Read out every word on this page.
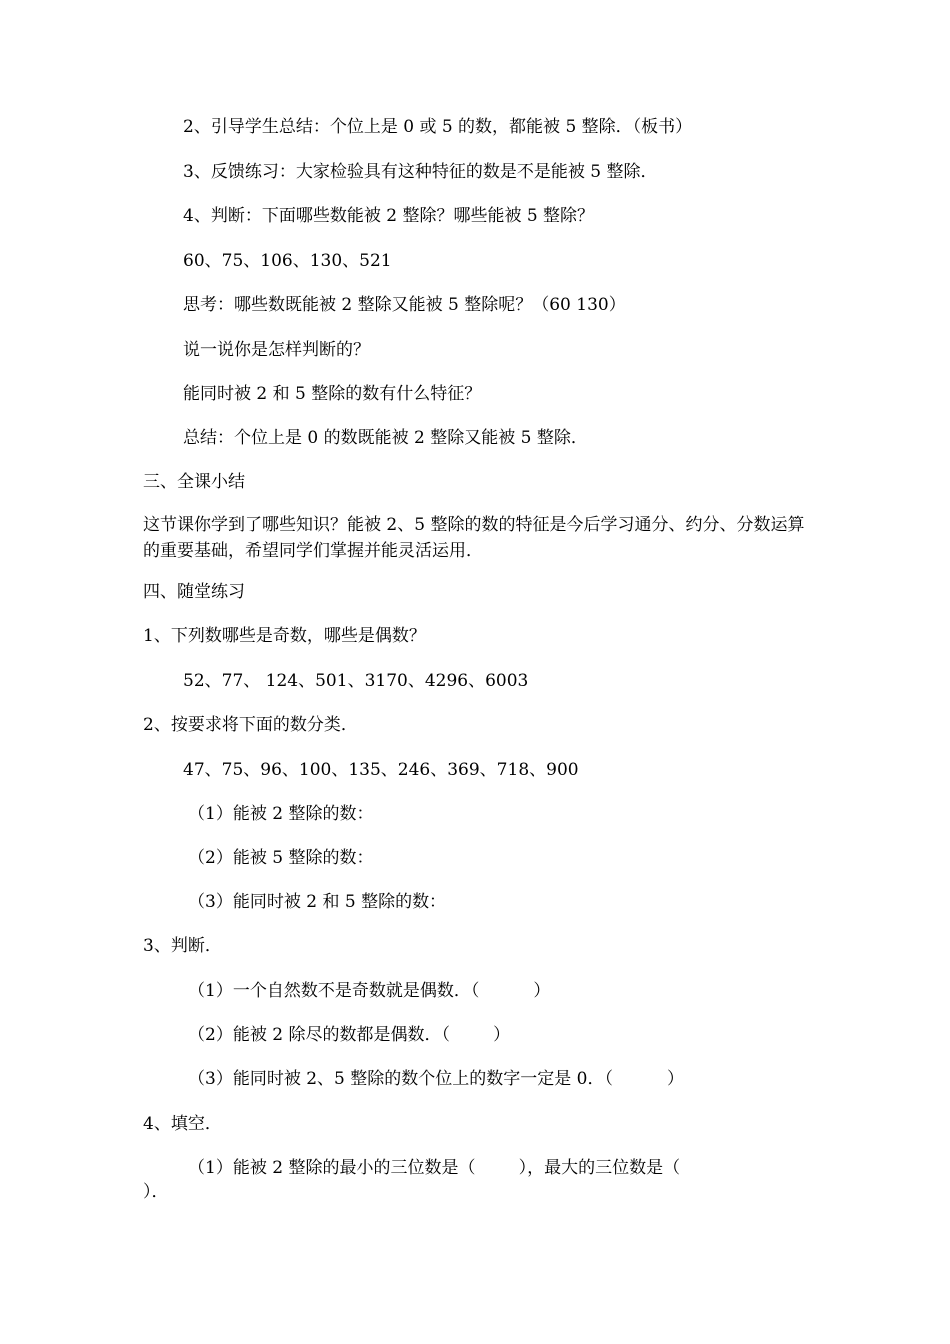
2、引导学生总结：个位上是 0 或 5 的数，都能被 5 整除．（板书）

3、反馈练习：大家检验具有这种特征的数是不是能被 5 整除．

4、判断：下面哪些数能被 2 整除？哪些能被 5 整除？

60、75、106、130、521

思考：哪些数既能被 2 整除又能被 5 整除呢？（60 130）

说一说你是怎样判断的？

能同时被 2 和 5 整除的数有什么特征？

总结：个位上是 0 的数既能被 2 整除又能被 5 整除．

三、全课小结

这节课你学到了哪些知识？能被 2、5 整除的数的特征是今后学习通分、约分、分数运算的重要基础，希望同学们掌握并能灵活运用．

四、随堂练习

1、下列数哪些是奇数，哪些是偶数？

52、77、 124、501、3170、4296、6003

2、按要求将下面的数分类．

47、75、96、100、135、246、369、718、900

（1）能被 2 整除的数：

（2）能被 5 整除的数：

（3）能同时被 2 和 5 整除的数：

3、判断．

（1）一个自然数不是奇数就是偶数．（          ）

（2）能被 2 除尽的数都是偶数．（        ）

（3）能同时被 2、5 整除的数个位上的数字一定是 0．（          ）

4、填空．

（1）能被 2 整除的最小的三位数是（        ），最大的三位数是（

）．
